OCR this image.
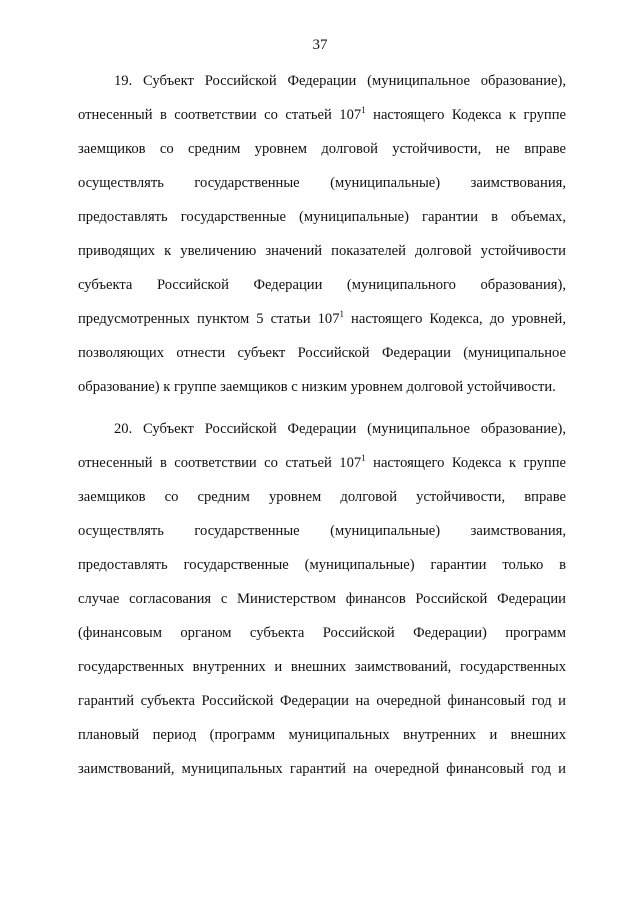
37
19. Субъект Российской Федерации (муниципальное образование),
отнесенный в соответствии со статьей $107^1$ настоящего Кодекса к группе
заемщиков со средним уровнем долговой устойчивости, не вправе
осуществлять государственные (муниципальные) заимствования,
предоставлять государственные (муниципальные) гарантии в объемах,
приводящих к увеличению значений показателей долговой устойчивости
субъекта Российской Федерации (муниципального образования),
предусмотренных пунктом 5 статьи $107^1$ настоящего Кодекса, до уровней,
позволяющих отнести субъект Российской Федерации (муниципальное
образование) к группе заемщиков с низким уровнем долговой устойчивости.
20. Субъект Российской Федерации (муниципальное образование),
отнесенный в соответствии со статьей $107^1$ настоящего Кодекса к группе
заемщиков со средним уровнем долговой устойчивости, вправе
осуществлять государственные (муниципальные) заимствования,
предоставлять государственные (муниципальные) гарантии только в
случае согласования с Министерством финансов Российской Федерации
(финансовым органом субъекта Российской Федерации) программ
государственных внутренних и внешних заимствований, государственных
гарантий субъекта Российской Федерации на очередной финансовый год и
плановый период (программ муниципальных внутренних и внешних
заимствований, муниципальных гарантий на очередной финансовый год и
